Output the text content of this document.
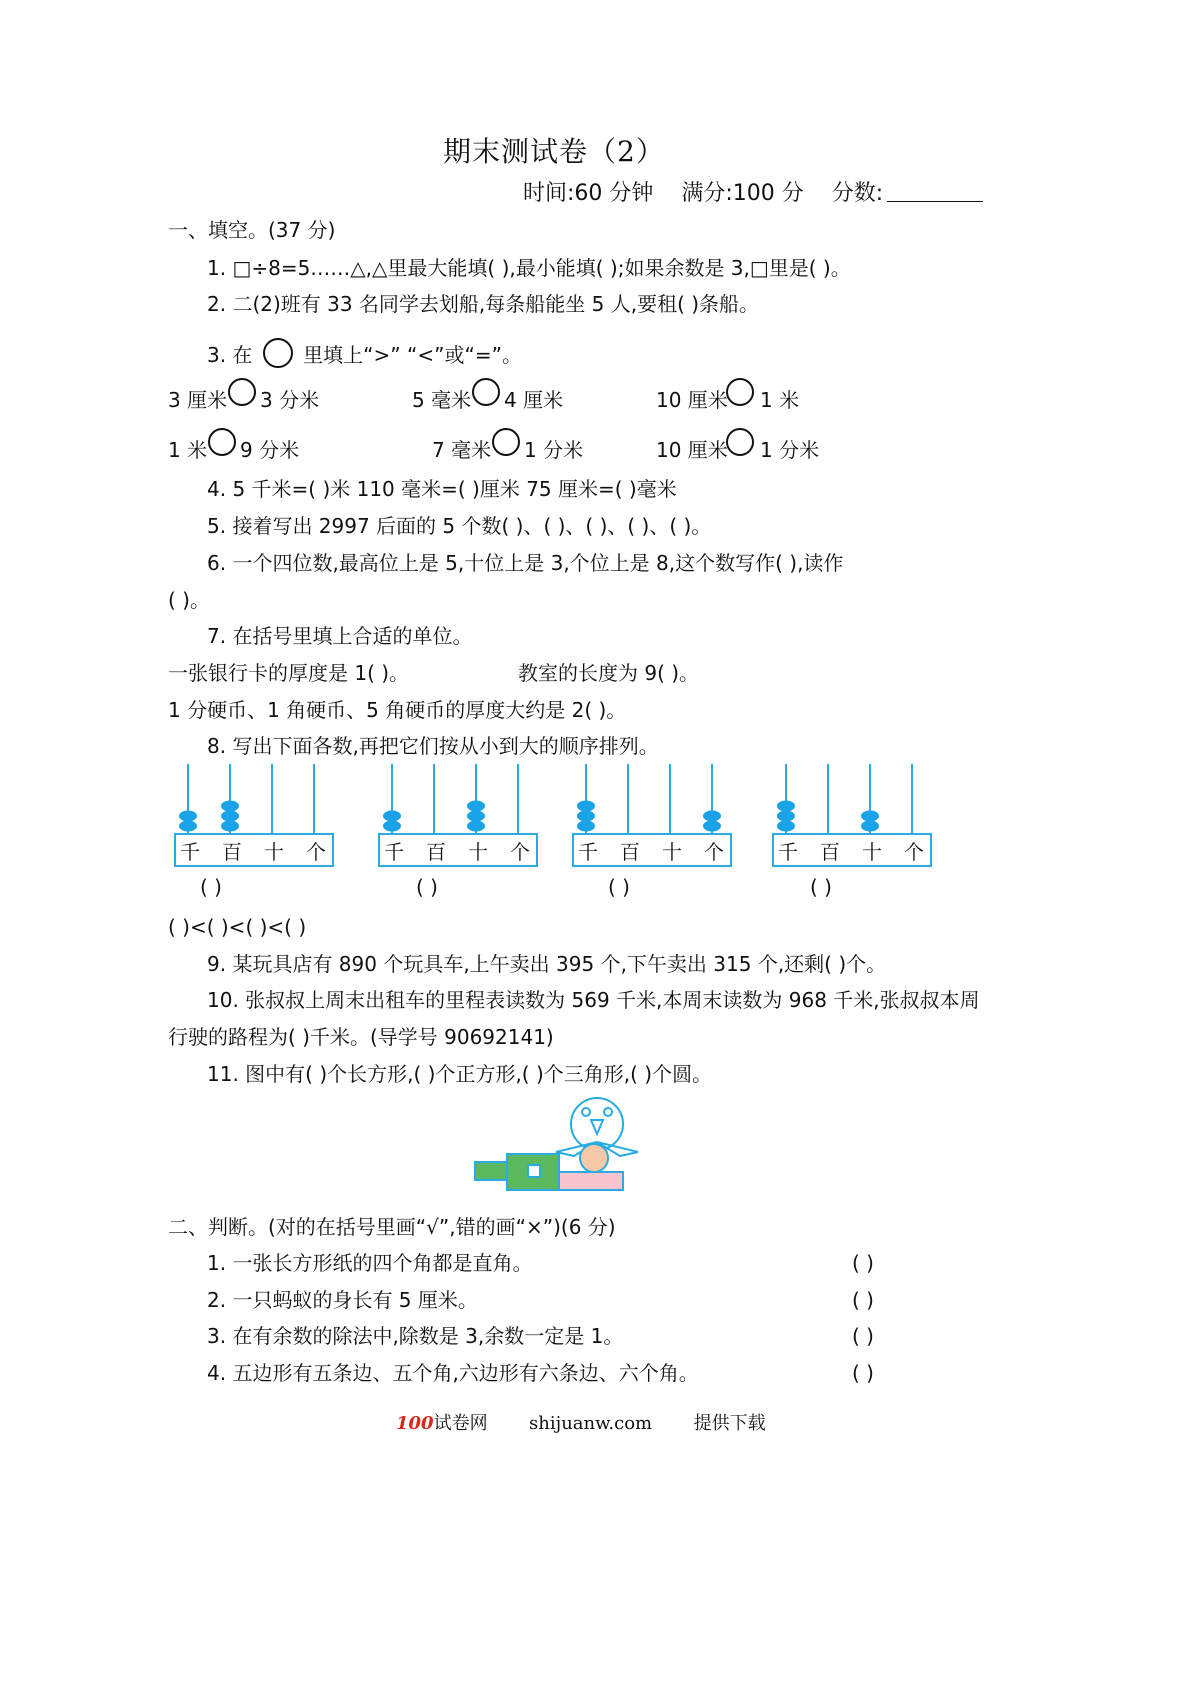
期末测试卷（2）
时间:60 分钟 满分:100 分 分数:
一、填空。(37 分)
1. □÷8=5……△,△里最大能填( ),最小能填( );如果余数是 3,□里是( )。
2. 二(2)班有 33 名同学去划船,每条船能坐 5 人,要租( )条船。
3. 在	里填上“>” “<”或“=”。
3 厘米 3 分米	5 毫米 4 厘米	10 厘米 1 米
1 米 9 分米	7 毫米 1 分米	10 厘米 1 分米
4. 5 千米=( )米 110 毫米=( )厘米 75 厘米=( )毫米
5. 接着写出 2997 后面的 5 个数( )、( )、( )、( )、( )。
6. 一个四位数,最高位上是 5,十位上是 3,个位上是 8,这个数写作( ),读作
( )。
7. 在括号里填上合适的单位。
一张银行卡的厚度是 1( )。	教室的长度为 9( )。
1 分硬币、1 角硬币、5 角硬币的厚度大约是 2( )。
8. 写出下面各数,再把它们按从小到大的顺序排列。
千 百 十 个	千 百 十 个 千 百 十 个	千 百 十 个
( )	( )	( )	( )
( )<( )<( )<( )
9. 某玩具店有 890 个玩具车,上午卖出 395 个,下午卖出 315 个,还剩( )个。
10. 张叔叔上周末出租车的里程表读数为 569 千米,本周末读数为 968 千米,张叔叔本周
行驶的路程为( )千米。(导学号 90692141)
11. 图中有( )个长方形,( )个正方形,( )个三角形,( )个圆。
二、判断。(对的在括号里画“√”,错的画“×”)(6 分)
1. 一张长方形纸的四个角都是直角。	( )
2. 一只蚂蚁的身长有 5 厘米。	( )
3. 在有余数的除法中,除数是 3,余数一定是 1。	( )
4. 五边形有五条边、五个角,六边形有六条边、六个角。	( )
100试卷网 shijuanw.com 提供下载
